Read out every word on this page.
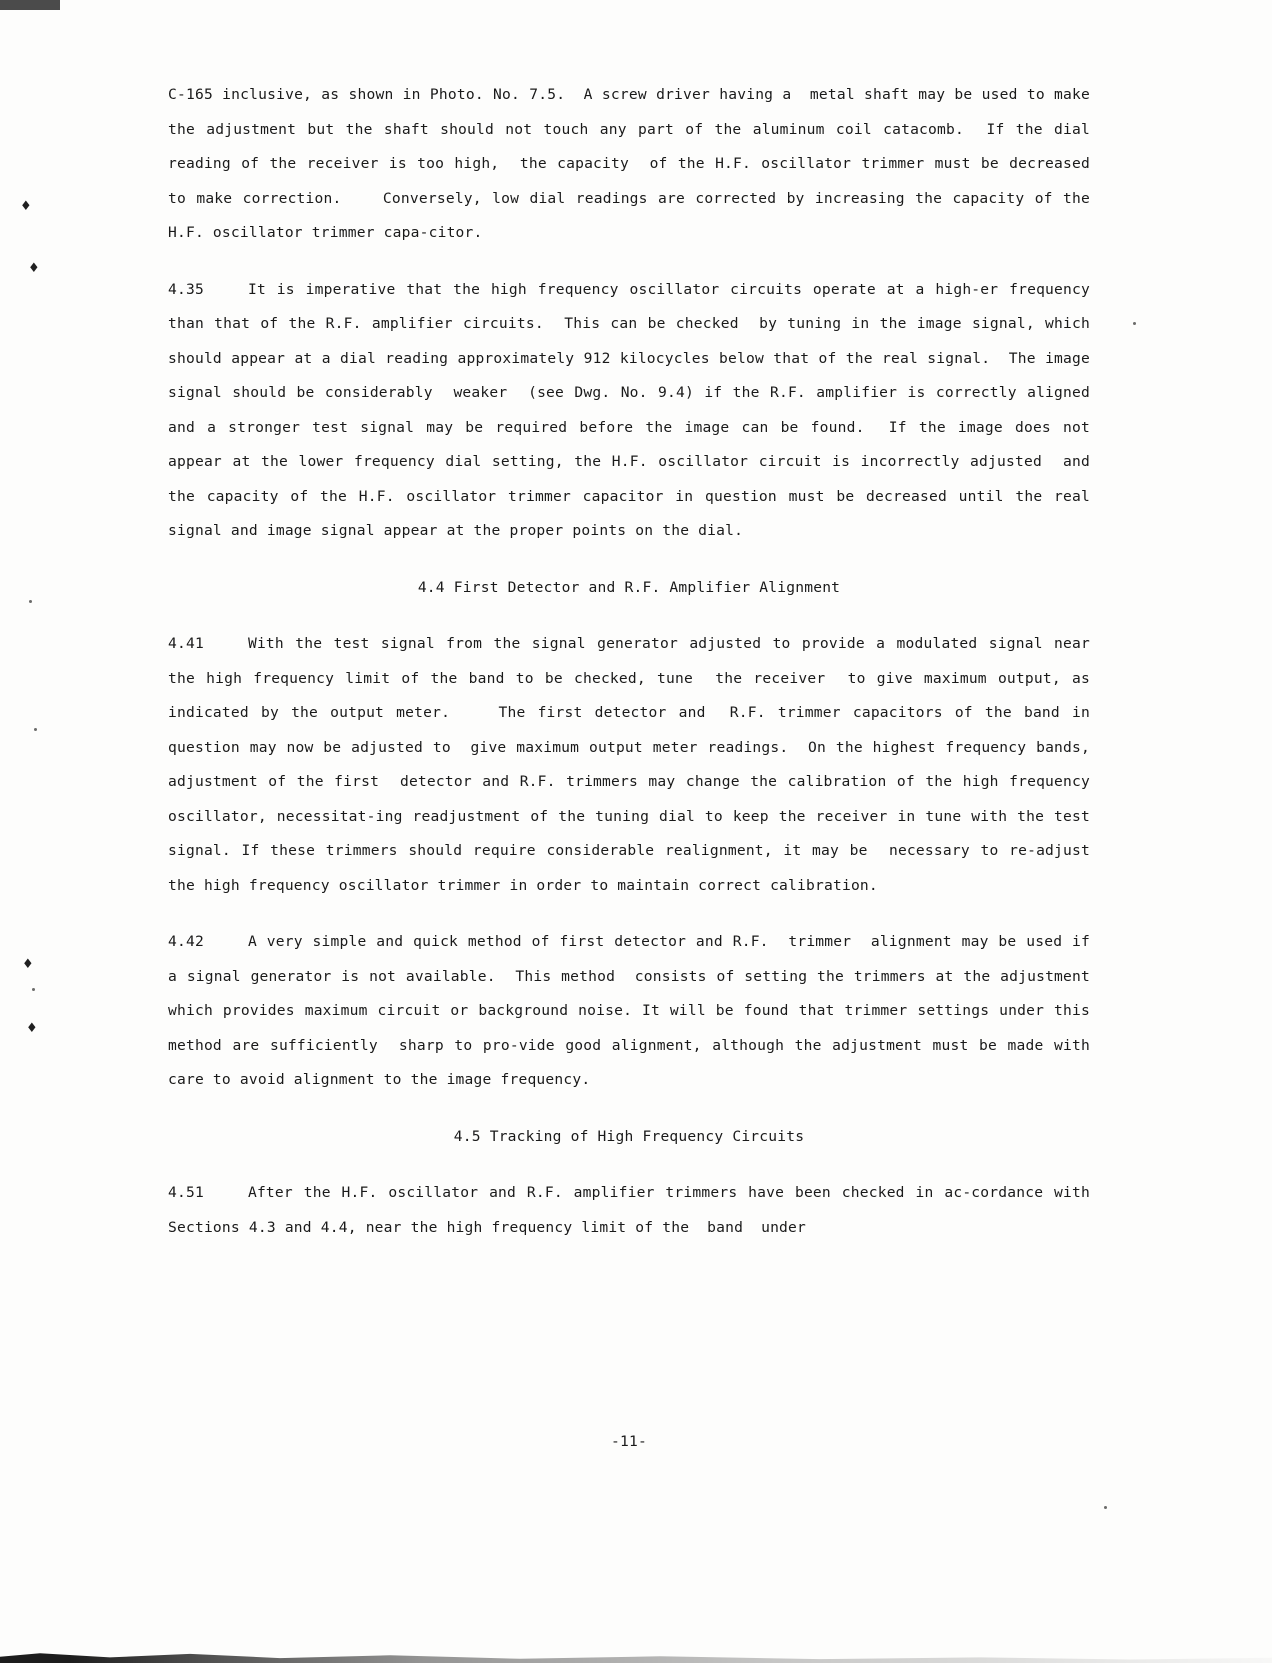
♦
♦
♦
♦

C-165 inclusive, as shown in Photo. No. 7.5.  A screw driver having a  metal shaft may be used to make the adjustment but the shaft should not touch any part of the aluminum coil catacomb.  If the dial reading of the receiver is too high,  the capacity  of the H.F. oscillator trimmer must be decreased to make correction.    Conversely, low dial readings are corrected by increasing the capacity of the H.F. oscillator trimmer capa-citor.

4.35	It is imperative that the high frequency oscillator circuits operate at a high-er frequency than that of the R.F. amplifier circuits.  This can be checked  by tuning in the image signal, which should appear at a dial reading approximately 912 kilocycles below that of the real signal.  The image signal should be considerably  weaker  (see Dwg. No. 9.4) if the R.F. amplifier is correctly aligned and a stronger test signal may be required before the image can be found.  If the image does not appear at the lower frequency dial setting, the H.F. oscillator circuit is incorrectly adjusted  and  the capacity of the H.F. oscillator trimmer capacitor in question must be decreased until the real signal and image signal appear at the proper points on the dial.

4.4 First Detector and R.F. Amplifier Alignment

4.41	With the test signal from the signal generator adjusted to provide a modulated signal near the high frequency limit of the band to be checked, tune  the receiver  to give maximum output, as indicated by the output meter.    The first detector and  R.F. trimmer capacitors of the band in question may now be adjusted to  give maximum output meter readings.  On the highest frequency bands, adjustment of the first  detector and R.F. trimmers may change the calibration of the high frequency oscillator, necessitat-ing readjustment of the tuning dial to keep the receiver in tune with the test signal. If these trimmers should require considerable realignment, it may be  necessary to re-adjust the high frequency oscillator trimmer in order to maintain correct calibration.

4.42	A very simple and quick method of first detector and R.F.  trimmer  alignment may be used if a signal generator is not available.  This method  consists of setting the trimmers at the adjustment which provides maximum circuit or background noise. It will be found that trimmer settings under this method are sufficiently  sharp to pro-vide good alignment, although the adjustment must be made with care to avoid alignment to the image frequency.

4.5 Tracking of High Frequency Circuits

4.51	After the H.F. oscillator and R.F. amplifier trimmers have been checked in ac-cordance with Sections 4.3 and 4.4, near the high frequency limit of the  band  under

-11-
